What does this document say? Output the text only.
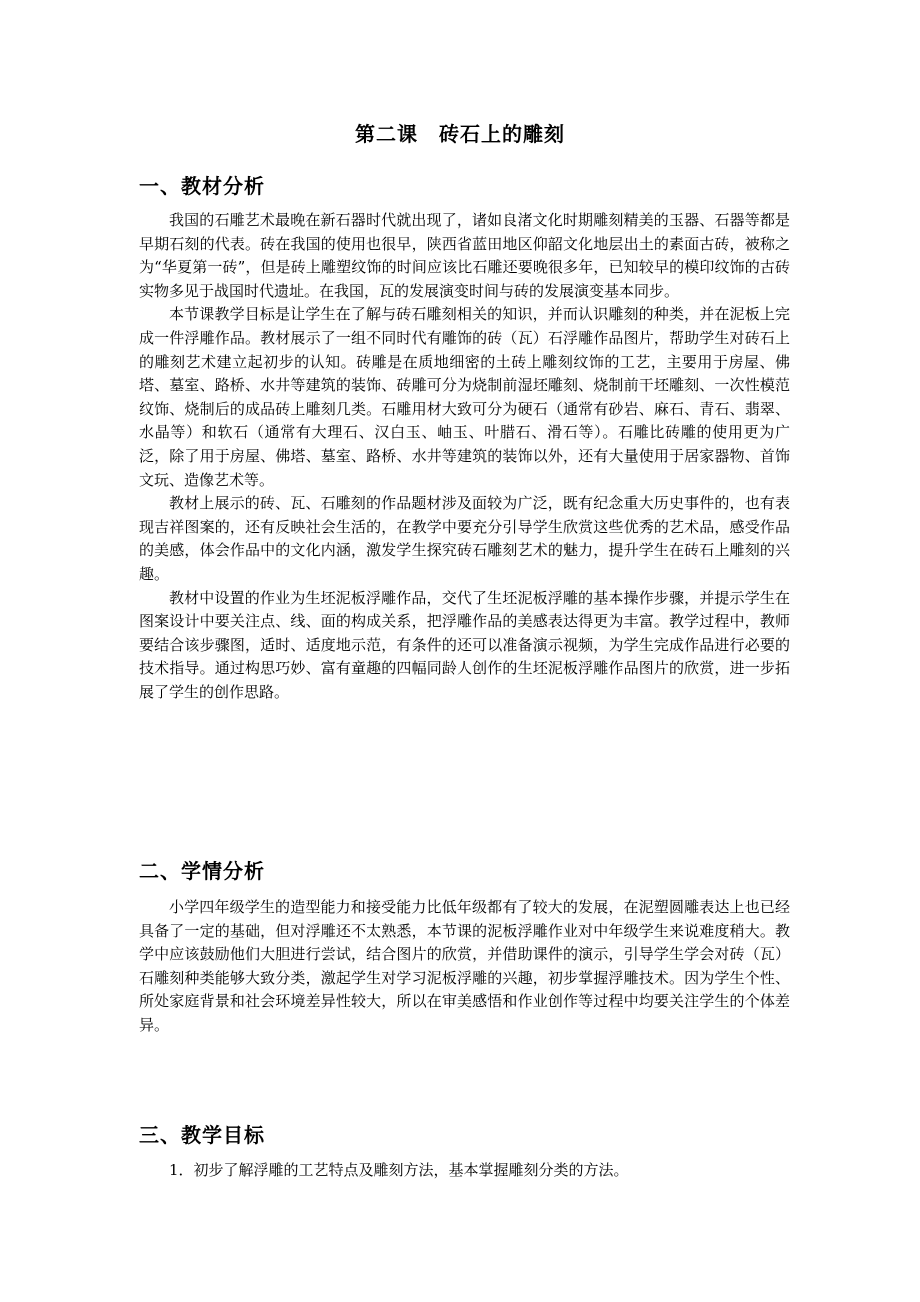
第二课　砖石上的雕刻
一、教材分析

我国的石雕艺术最晚在新石器时代就出现了，诸如良渚文化时期雕刻精美的玉器、石器等都是早期石刻的代表。砖在我国的使用也很早，陕西省蓝田地区仰韶文化地层出土的素面古砖，被称之为“华夏第一砖”，但是砖上雕塑纹饰的时间应该比石雕还要晚很多年，已知较早的模印纹饰的古砖实物多见于战国时代遗址。在我国，瓦的发展演变时间与砖的发展演变基本同步。

本节课教学目标是让学生在了解与砖石雕刻相关的知识，并而认识雕刻的种类，并在泥板上完成一件浮雕作品。教材展示了一组不同时代有雕饰的砖（瓦）石浮雕作品图片，帮助学生对砖石上的雕刻艺术建立起初步的认知。砖雕是在质地细密的土砖上雕刻纹饰的工艺，主要用于房屋、佛塔、墓室、路桥、水井等建筑的装饰、砖雕可分为烧制前湿坯雕刻、烧制前干坯雕刻、一次性模范纹饰、烧制后的成品砖上雕刻几类。石雕用材大致可分为硬石（通常有砂岩、麻石、青石、翡翠、水晶等）和软石（通常有大理石、汉白玉、岫玉、叶腊石、滑石等）。石雕比砖雕的使用更为广泛，除了用于房屋、佛塔、墓室、路桥、水井等建筑的装饰以外，还有大量使用于居家器物、首饰文玩、造像艺术等。

教材上展示的砖、瓦、石雕刻的作品题材涉及面较为广泛，既有纪念重大历史事件的，也有表现吉祥图案的，还有反映社会生活的，在教学中要充分引导学生欣赏这些优秀的艺术品，感受作品的美感，体会作品中的文化内涵，激发学生探究砖石雕刻艺术的魅力，提升学生在砖石上雕刻的兴趣。

教材中设置的作业为生坯泥板浮雕作品，交代了生坯泥板浮雕的基本操作步骤，并提示学生在图案设计中要关注点、线、面的构成关系，把浮雕作品的美感表达得更为丰富。教学过程中，教师要结合该步骤图，适时、适度地示范，有条件的还可以准备演示视频，为学生完成作品进行必要的技术指导。通过构思巧妙、富有童趣的四幅同龄人创作的生坯泥板浮雕作品图片的欣赏，进一步拓展了学生的创作思路。

二、学情分析

小学四年级学生的造型能力和接受能力比低年级都有了较大的发展，在泥塑圆雕表达上也已经具备了一定的基础，但对浮雕还不太熟悉，本节课的泥板浮雕作业对中年级学生来说难度稍大。教学中应该鼓励他们大胆进行尝试，结合图片的欣赏，并借助课件的演示，引导学生学会对砖（瓦）石雕刻种类能够大致分类，激起学生对学习泥板浮雕的兴趣，初步掌握浮雕技术。因为学生个性、所处家庭背景和社会环境差异性较大，所以在审美感悟和作业创作等过程中均要关注学生的个体差异。

三、教学目标

1．初步了解浮雕的工艺特点及雕刻方法，基本掌握雕刻分类的方法。
